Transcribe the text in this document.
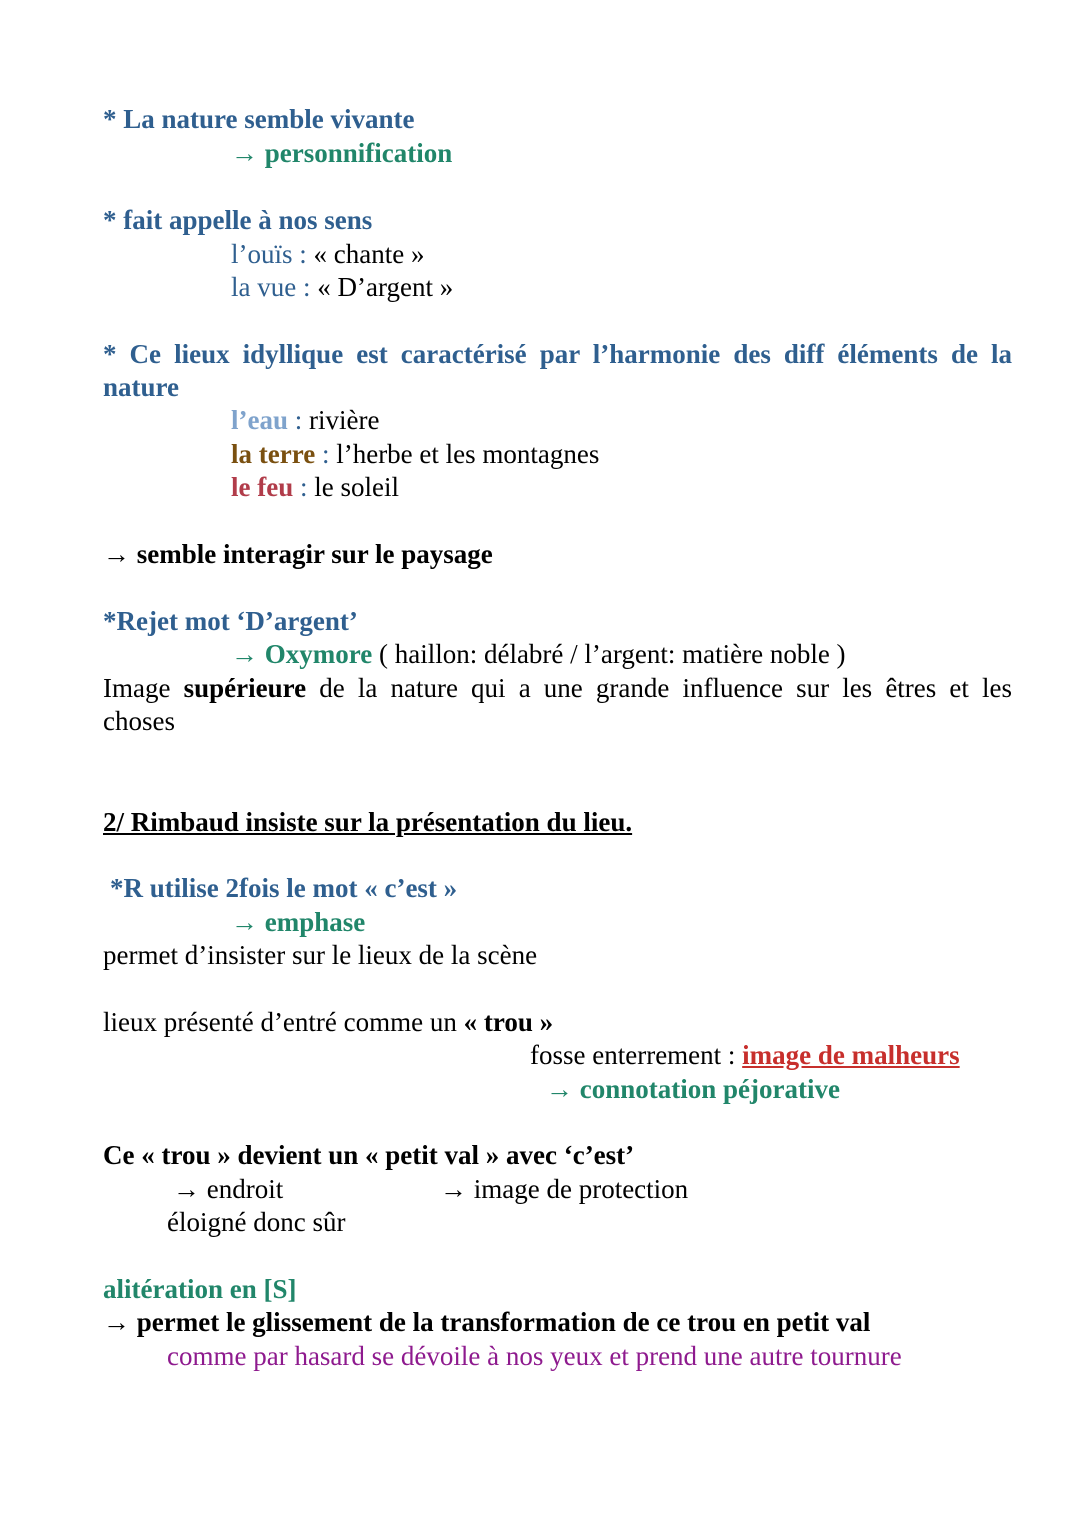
* La nature semble vivante
→ personnification
* fait appelle à nos sens
l’ouïs : « chante »
la vue : « D’argent »
* Ce lieux idyllique est caractérisé par l’harmonie des diff éléments de la
nature
l’eau : rivière
la terre : l’herbe et les montagnes
le feu : le soleil
→ semble interagir sur le paysage
*Rejet mot ‘D’argent’
→ Oxymore ( haillon: délabré / l’argent: matière noble )
Image supérieure de la nature qui a une grande influence sur les êtres et les
choses
2/ Rimbaud insiste sur la présentation du lieu.
*R utilise 2fois le mot « c’est »
→ emphase
permet d’insister sur le lieux de la scène
lieux présenté d’entré comme un « trou »
fosse enterrement : image de malheurs
→ connotation péjorative
Ce « trou » devient un « petit val » avec ‘c’est’
→ endroit	→ image de protection
éloigné donc sûr
alitération en [S]
→ permet le glissement de la transformation de ce trou en petit val
comme par hasard se dévoile à nos yeux et prend une autre tournure
